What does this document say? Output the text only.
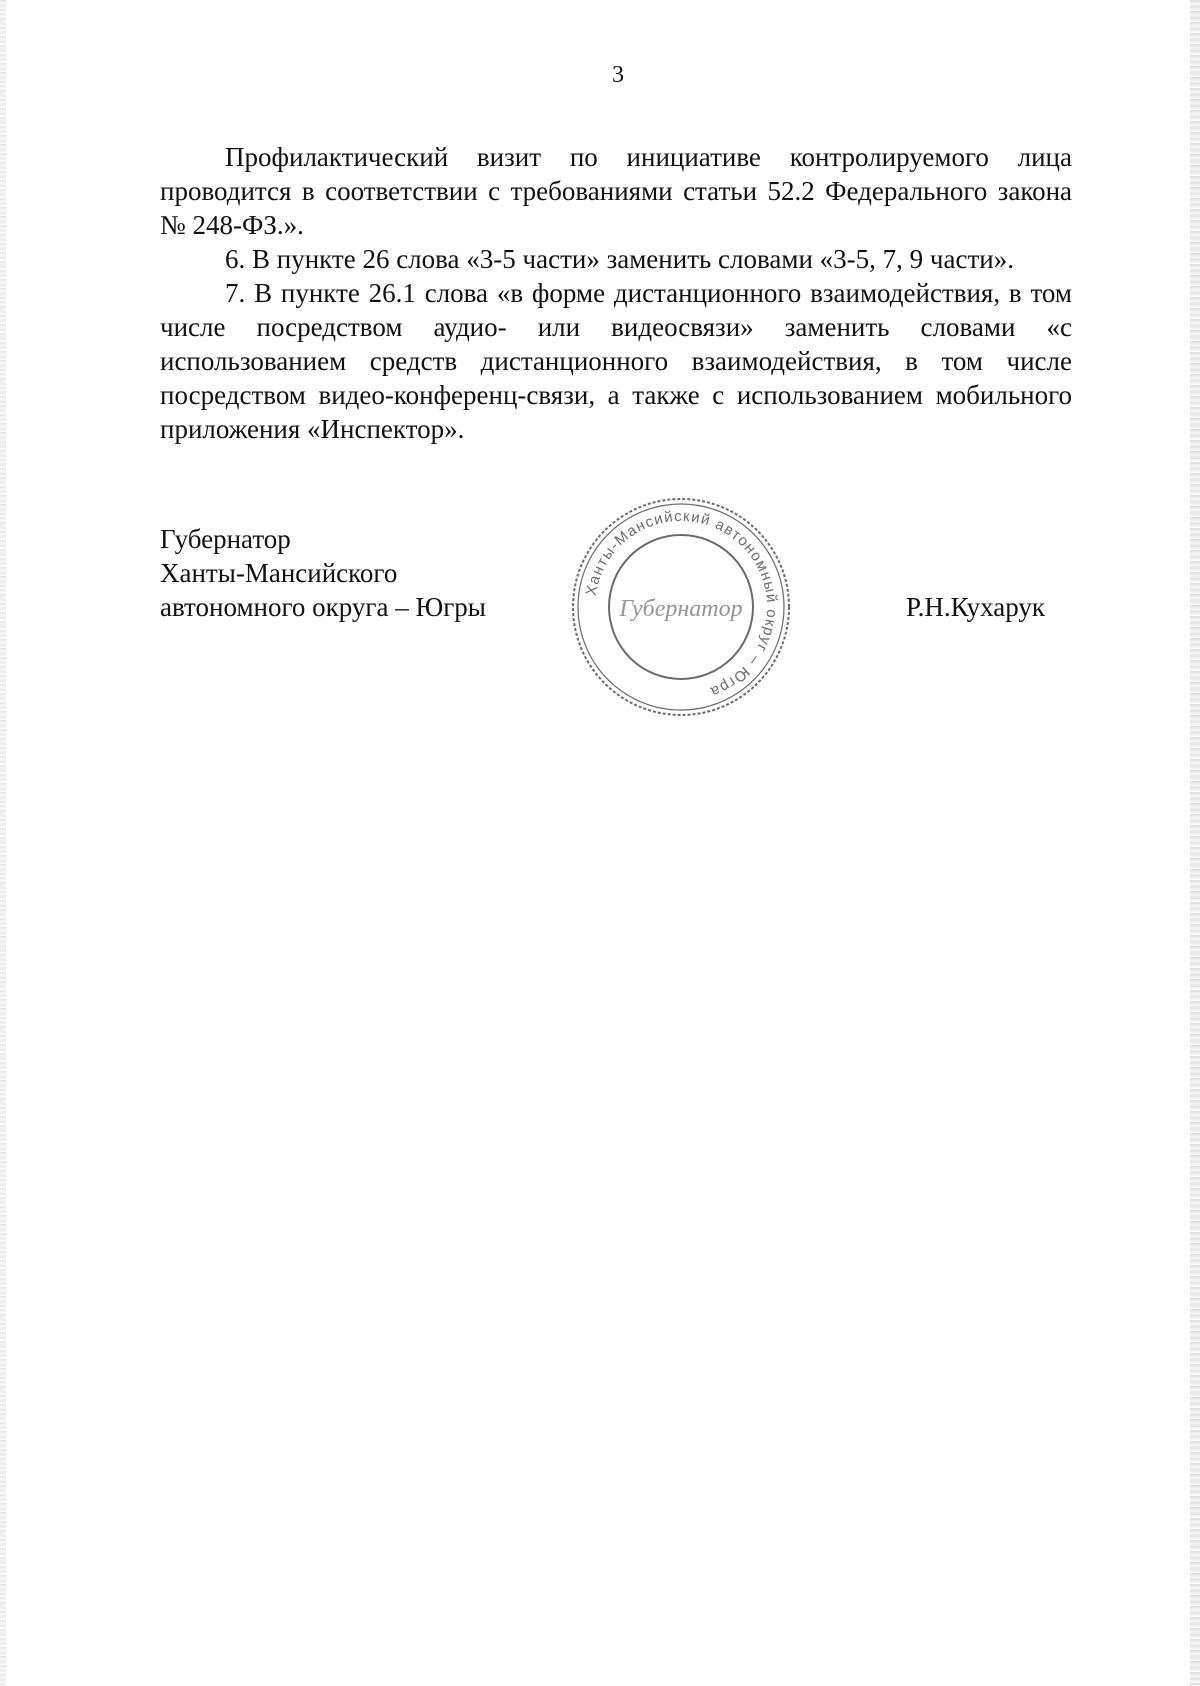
3

Профилактический визит по инициативе контролируемого лица проводится в соответствии с требованиями статьи 52.2 Федерального закона № 248-ФЗ.».

6. В пункте 26 слова «3-5 части» заменить словами «3-5, 7, 9 части».

7. В пункте 26.1 слова «в форме дистанционного взаимодействия, в том числе посредством аудио- или видеосвязи» заменить словами «с использованием средств дистанционного взаимодействия, в том числе посредством видео-конференц-связи, а также с использованием мобильного приложения «Инспектор».

Губернатор
Ханты-Мансийского
автономного округа – Югры
Ханты-Мансийский автономный округ – Югра
Губернатор	Р.Н.Кухарук
